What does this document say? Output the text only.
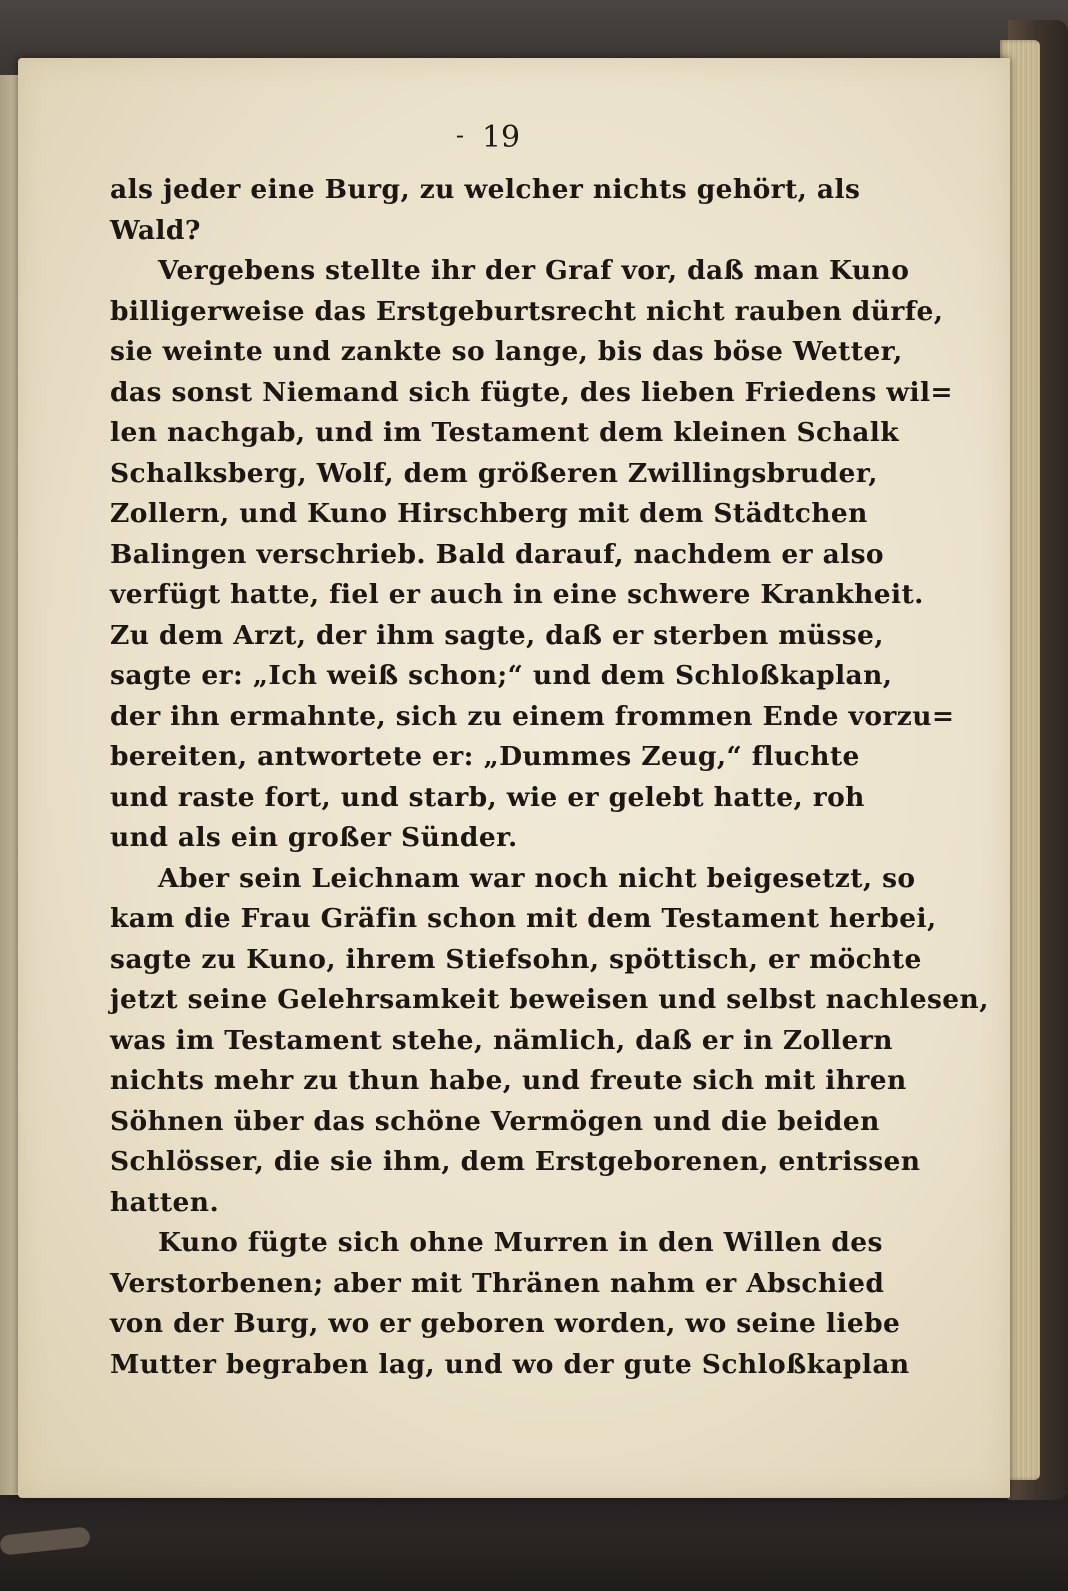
- 19
als jeder eine Burg, zu welcher nichts gehört, als
Wald?
Vergebens stellte ihr der Graf vor, daß man Kuno
billigerweise das Erstgeburtsrecht nicht rauben dürfe,
sie weinte und zankte so lange, bis das böse Wetter,
das sonst Niemand sich fügte, des lieben Friedens wil=
len nachgab, und im Testament dem kleinen Schalk
Schalksberg, Wolf, dem größeren Zwillingsbruder,
Zollern, und Kuno Hirschberg mit dem Städtchen
Balingen verschrieb. Bald darauf, nachdem er also
verfügt hatte, fiel er auch in eine schwere Krankheit.
Zu dem Arzt, der ihm sagte, daß er sterben müsse,
sagte er: „Ich weiß schon;“ und dem Schloßkaplan,
der ihn ermahnte, sich zu einem frommen Ende vorzu=
bereiten, antwortete er: „Dummes Zeug,“ fluchte
und raste fort, und starb, wie er gelebt hatte, roh
und als ein großer Sünder.
Aber sein Leichnam war noch nicht beigesetzt, so
kam die Frau Gräfin schon mit dem Testament herbei,
sagte zu Kuno, ihrem Stiefsohn, spöttisch, er möchte
jetzt seine Gelehrsamkeit beweisen und selbst nachlesen,
was im Testament stehe, nämlich, daß er in Zollern
nichts mehr zu thun habe, und freute sich mit ihren
Söhnen über das schöne Vermögen und die beiden
Schlösser, die sie ihm, dem Erstgeborenen, entrissen
hatten.
Kuno fügte sich ohne Murren in den Willen des
Verstorbenen; aber mit Thränen nahm er Abschied
von der Burg, wo er geboren worden, wo seine liebe
Mutter begraben lag, und wo der gute Schloßkaplan
